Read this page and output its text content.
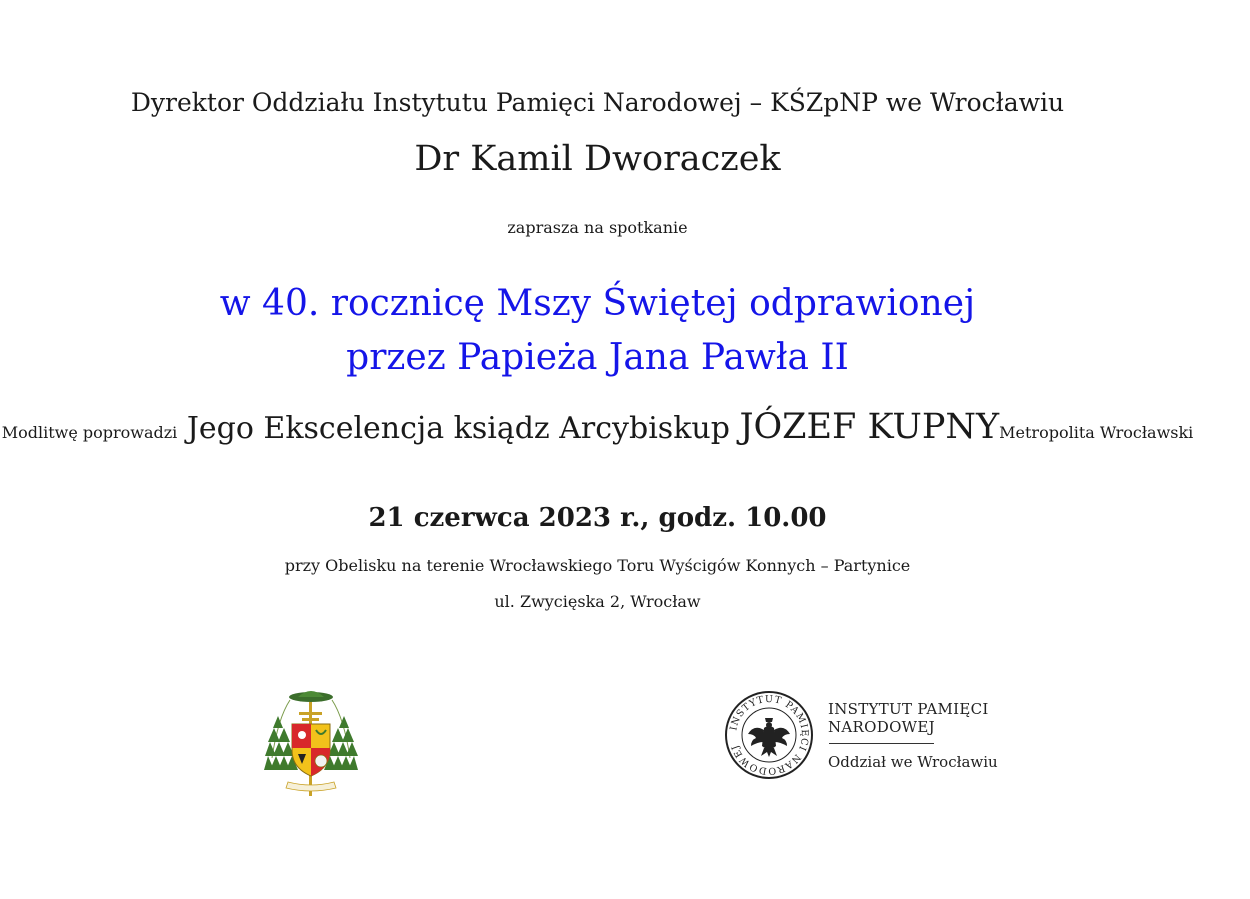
Dyrektor Oddziału Instytutu Pamięci Narodowej – KŚZpNP we Wrocławiu
Dr Kamil Dworaczek
zaprasza na spotkanie
w 40. rocznicę Mszy Świętej odprawionej
przez Papieża Jana Pawła II
Modlitwę poprowadzi Jego Ekscelencja ksiądz Arcybiskup JÓZEF KUPNYMetropolita Wrocławski
21 czerwca 2023 r., godz. 10.00
przy Obelisku na terenie Wrocławskiego Toru Wyścigów Konnych – Partynice
ul. Zwycięska 2, Wrocław
INSTYTUT PAMIĘCI NARODOWEJ
INSTYTUT PAMIĘCI
NARODOWEJ
Oddział we Wrocławiu
